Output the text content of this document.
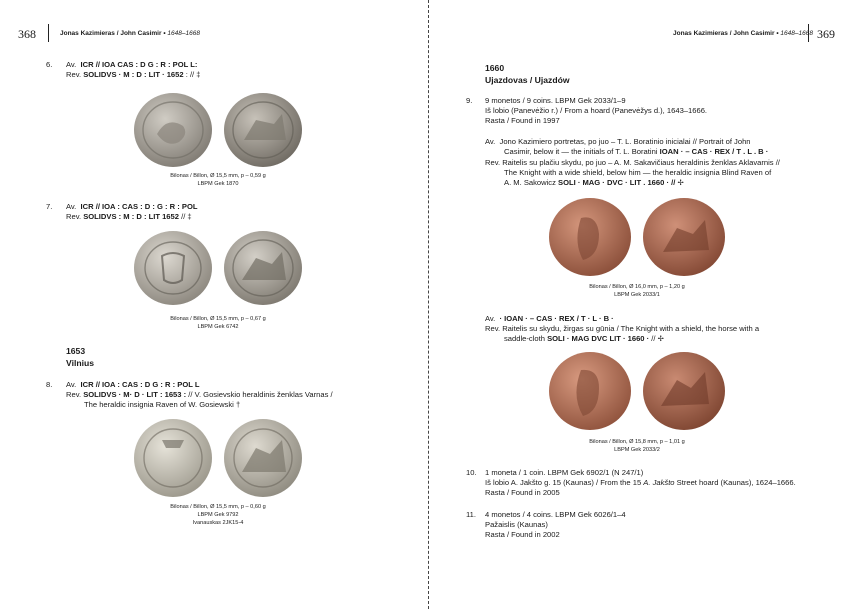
368	Jonas Kazimieras / John Casimir • 1648–1668
6. Av. ICR // IOA CAS : D G : R : POL L:
Rev. SOLIDVS · M : D : LIT · 1652 : // ‡
Bilonas / Billon, Ø 15,5 mm, p – 0,59 g
LBPM Gek 1870
7. Av. ICR // IOA : CAS : D : G : R : POL
Rev. SOLIDVS : M : D : LIT 1652 // ‡
Bilonas / Billon, Ø 15,5 mm, p – 0,67 g
LBPM Gek 6742
1653
Vilnius
8. Av. ICR // IOA : CAS : D G : R : POL L
Rev. SOLIDVS · M· D · LIT : 1653 : // V. Gosievskio heraldinis ženklas Varnas /
The heraldic insignia Raven of W. Gosiewski †
Bilonas / Billon, Ø 15,5 mm, p – 0,60 g
LBPM Gek 9792
Ivanauskas 2JK15-4
Jonas Kazimieras / John Casimir • 1648–1668 369
1660
Ujazdovas / Ujazdów
9. 9 monetos / 9 coins. LBPM Gek 2033/1–9
Iš lobio (Panevėžio r.) / From a hoard (Panevėžys d.), 1643–1666.
Rasta / Found in 1997
Av. Jono Kazimiero portretas, po juo – T. L. Boratinio inicialai // Portrait of John
Casimir, below it — the initials of T. L. Boratini IOAN · – CAS · REX / T . L . B ·
Rev. Raitelis su plačiu skydu, po juo – A. M. Sakavičiaus heraldinis ženklas Aklavarnis //
The Knight with a wide shield, below him — the heraldic insignia Blind Raven of
A. M. Sakowicz SOLI · MAG · DVC · LIT . 1660 · // ✢
Bilonas / Billon, Ø 16,0 mm, p – 1,20 g
LBPM Gek 2033/1
Av. · IOAN · – CAS · REX / T · L · B ·
Rev. Raitelis su skydu, žirgas su gūnia / The Knight with a shield, the horse with a
saddle-cloth SOLI · MAG DVC LIT · 1660 · // ✢
Bilonas / Billon, Ø 15,8 mm, p – 1,01 g
LBPM Gek 2033/2
10. 1 moneta / 1 coin. LBPM Gek 6902/1 (N 247/1)
Iš lobio A. Jakšto g. 15 (Kaunas) / From the 15 A. Jakšto Street hoard (Kaunas), 1624–1666.
Rasta / Found in 2005
11. 4 monetos / 4 coins. LBPM Gek 6026/1–4
Pažaislis (Kaunas)
Rasta / Found in 2002
